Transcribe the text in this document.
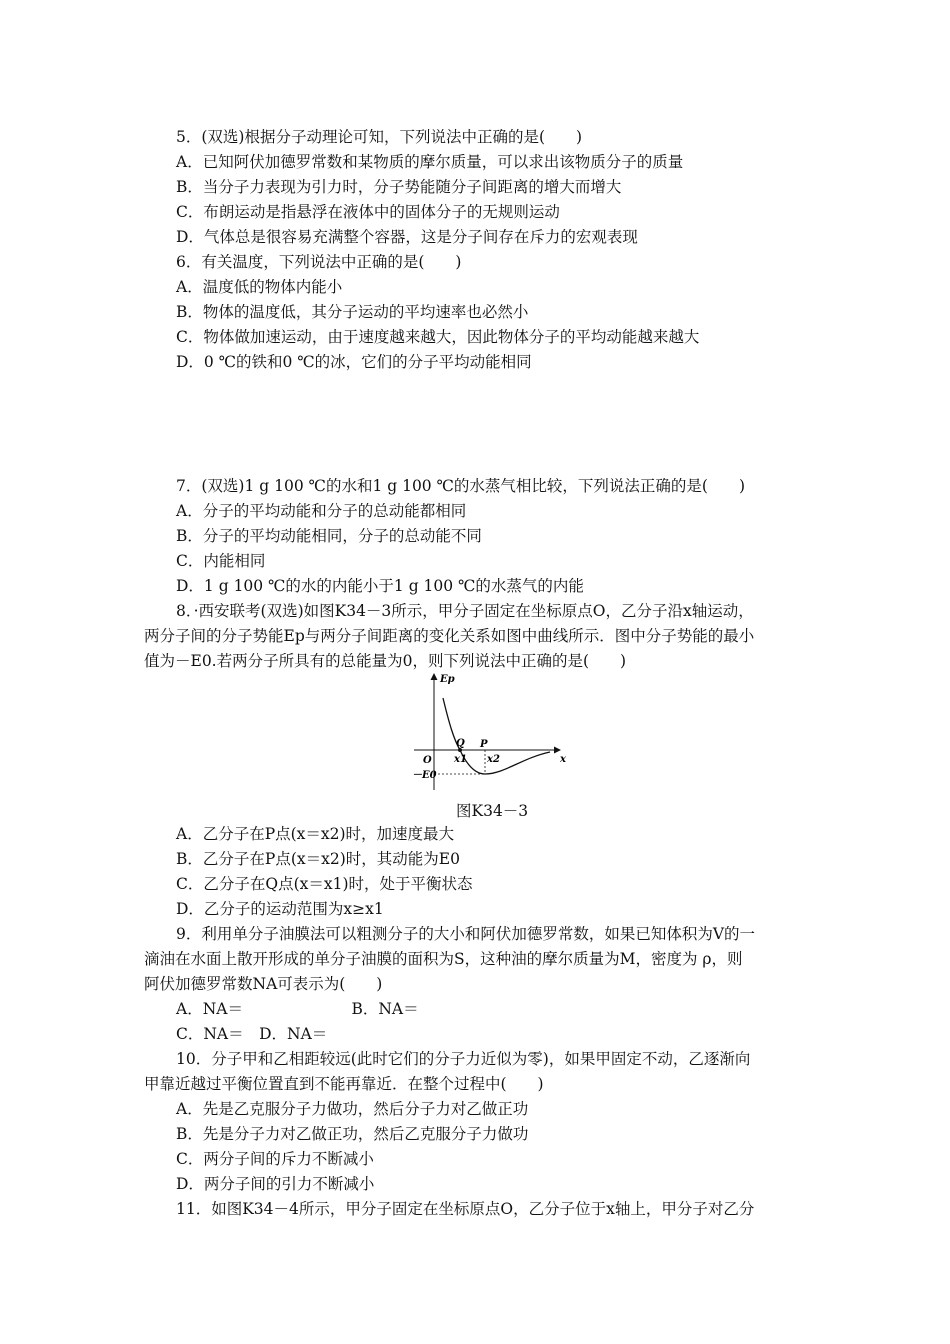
5．(双选)根据分子动理论可知，下列说法中正确的是(　　)
A．已知阿伏加德罗常数和某物质的摩尔质量，可以求出该物质分子的质量
B．当分子力表现为引力时，分子势能随分子间距离的增大而增大
C．布朗运动是指悬浮在液体中的固体分子的无规则运动
D．气体总是很容易充满整个容器，这是分子间存在斥力的宏观表现
6．有关温度，下列说法中正确的是(　　)
A．温度低的物体内能小
B．物体的温度低，其分子运动的平均速率也必然小
C．物体做加速运动，由于速度越来越大，因此物体分子的平均动能越来越大
D．0 ℃的铁和0 ℃的冰，它们的分子平均动能相同
7．(双选)1 g 100 ℃的水和1 g 100 ℃的水蒸气相比较，下列说法正确的是(　　)
A．分子的平均动能和分子的总动能都相同
B．分子的平均动能相同，分子的总动能不同
C．内能相同
D．1 g 100 ℃的水的内能小于1 g 100 ℃的水蒸气的内能
8．·西安联考(双选)如图K34－3所示，甲分子固定在坐标原点O，乙分子沿x轴运动，
两分子间的分子势能Ep与两分子间距离的变化关系如图中曲线所示．图中分子势能的最小
值为－E0.若两分子所具有的总能量为0，则下列说法中正确的是(　　)
Ep
x
O
－E0
Q P
x1 x2
图K34－3
A．乙分子在P点(x＝x2)时，加速度最大
B．乙分子在P点(x＝x2)时，其动能为E0
C．乙分子在Q点(x＝x1)时，处于平衡状态
D．乙分子的运动范围为x≥x1
9．利用单分子油膜法可以粗测分子的大小和阿伏加德罗常数，如果已知体积为V的一
滴油在水面上散开形成的单分子油膜的面积为S，这种油的摩尔质量为M，密度为 ρ，则
阿伏加德罗常数NA可表示为(　　)
A．NA＝　　　　　　　B．NA＝
C．NA＝　D．NA＝
10．分子甲和乙相距较远(此时它们的分子力近似为零)，如果甲固定不动，乙逐渐向
甲靠近越过平衡位置直到不能再靠近．在整个过程中(　　)
A．先是乙克服分子力做功，然后分子力对乙做正功
B．先是分子力对乙做正功，然后乙克服分子力做功
C．两分子间的斥力不断减小
D．两分子间的引力不断减小
11．如图K34－4所示，甲分子固定在坐标原点O，乙分子位于x轴上，甲分子对乙分
